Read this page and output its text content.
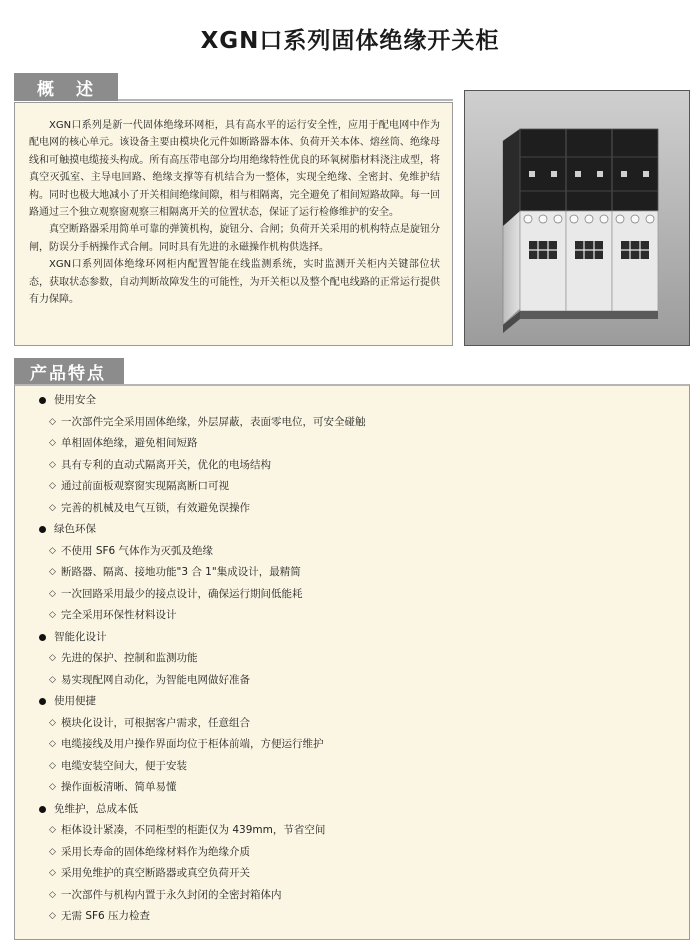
XGN口系列固体绝缘开关柜
概述

XGN口系列是新一代固体绝缘环网柜，具有高水平的运行安全性，应用于配电网中作为配电网的核心单元。该设备主要由模块化元件如断路器本体、负荷开关本体、熔丝筒、绝缘母线和可触摸电缆接头构成。所有高压带电部分均用绝缘特性优良的环氧树脂材料浇注成型，将真空灭弧室、主导电回路、绝缘支撑等有机结合为一整体，实现全绝缘、全密封、免维护结构。同时也极大地减小了开关相间绝缘间隙，相与相隔离，完全避免了相间短路故障。每一回路通过三个独立观察窗观察三相隔离开关的位置状态，保证了运行检修维护的安全。

真空断路器采用简单可靠的弹簧机构，旋钮分、合闸；负荷开关采用的机构特点是旋钮分闸，防误分手柄操作式合闸。同时具有先进的永磁操作机构供选择。

XGN口系列固体绝缘环网柜内配置智能在线监测系统，实时监测开关柜内关键部位状态，获取状态参数，自动判断故障发生的可能性，为开关柜以及整个配电线路的正常运行提供有力保障。

产品特点
使用安全
◇ 一次部件完全采用固体绝缘，外层屏蔽，表面零电位，可安全碰触
◇ 单相固体绝缘，避免相间短路
◇ 具有专利的直动式隔离开关，优化的电场结构
◇ 通过前面板观察窗实现隔离断口可视
◇ 完善的机械及电气互锁，有效避免误操作
绿色环保
◇ 不使用 SF6 气体作为灭弧及绝缘
◇ 断路器、隔离、接地功能"3 合 1"集成设计，最精简
◇ 一次回路采用最少的接点设计，确保运行期间低能耗
◇ 完全采用环保性材料设计
智能化设计
◇ 先进的保护、控制和监测功能
◇ 易实现配网自动化，为智能电网做好准备
使用便捷
◇ 模块化设计，可根据客户需求，任意组合
◇ 电缆接线及用户操作界面均位于柜体前端，方便运行维护
◇ 电缆安装空间大，便于安装
◇ 操作面板清晰、简单易懂
免维护，总成本低
◇ 柜体设计紧凑，不同柜型的柜距仅为 439mm，节省空间
◇ 采用长寿命的固体绝缘材料作为绝缘介质
◇ 采用免维护的真空断路器或真空负荷开关
◇ 一次部件与机构内置于永久封闭的全密封箱体内
◇ 无需 SF6 压力检查
